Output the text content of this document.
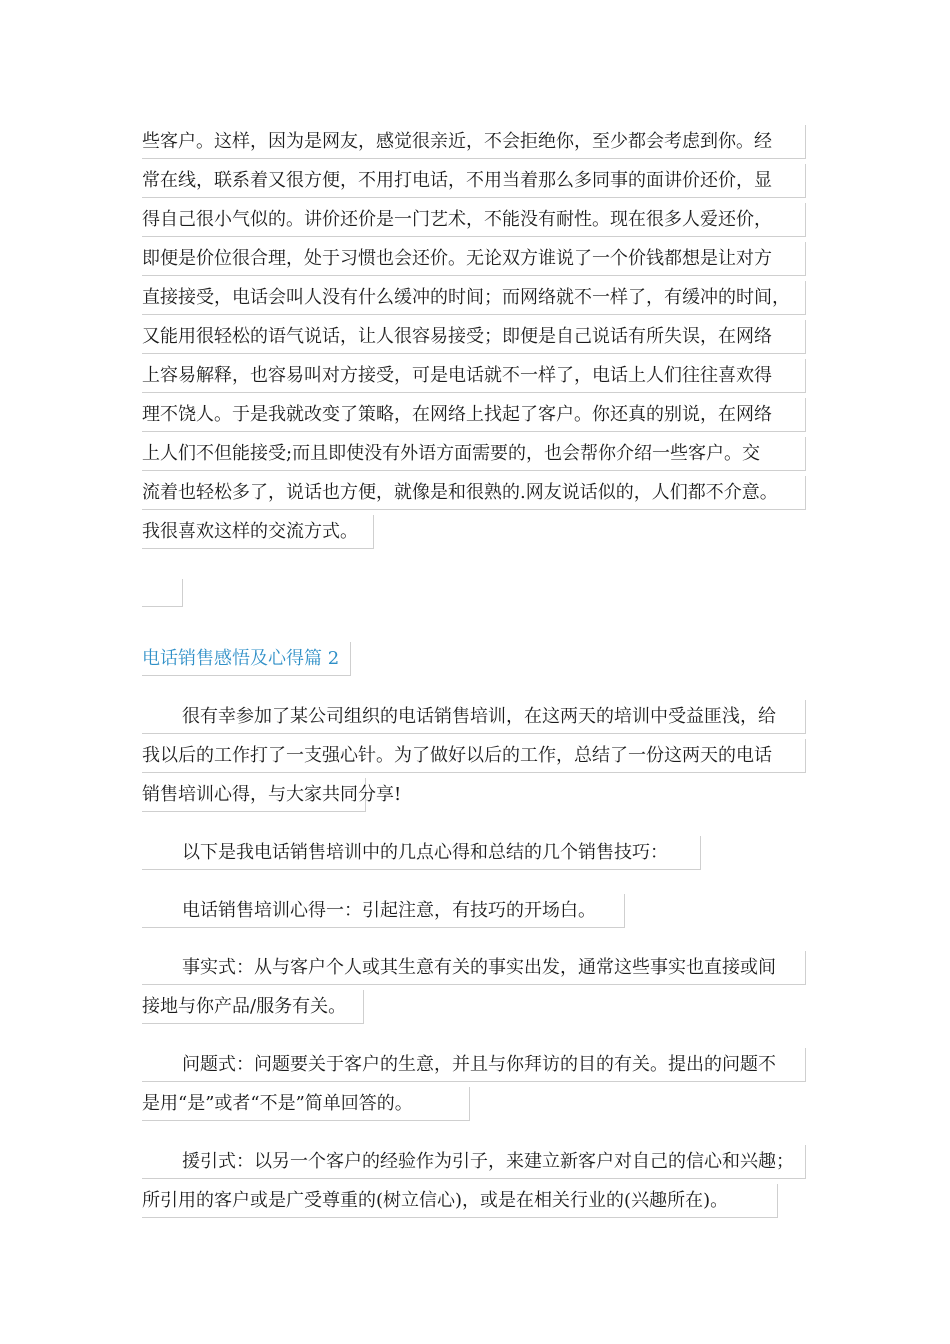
些客户。这样，因为是网友，感觉很亲近，不会拒绝你，至少都会考虑到你。经
常在线，联系着又很方便，不用打电话，不用当着那么多同事的面讲价还价，显
得自己很小气似的。讲价还价是一门艺术，不能没有耐性。现在很多人爱还价，
即便是价位很合理，处于习惯也会还价。无论双方谁说了一个价钱都想是让对方
直接接受，电话会叫人没有什么缓冲的时间；而网络就不一样了，有缓冲的时间，
又能用很轻松的语气说话，让人很容易接受；即便是自己说话有所失误，在网络
上容易解释，也容易叫对方接受，可是电话就不一样了，电话上人们往往喜欢得
理不饶人。于是我就改变了策略，在网络上找起了客户。你还真的别说，在网络
上人们不但能接受;而且即使没有外语方面需要的，也会帮你介绍一些客户。交
流着也轻松多了，说话也方便，就像是和很熟的.网友说话似的，人们都不介意。
我很喜欢这样的交流方式。
电话销售感悟及心得篇 2
很有幸参加了某公司组织的电话销售培训，在这两天的培训中受益匪浅，给
我以后的工作打了一支强心针。为了做好以后的工作，总结了一份这两天的电话
销售培训心得，与大家共同分享!
以下是我电话销售培训中的几点心得和总结的几个销售技巧：
电话销售培训心得一：引起注意，有技巧的开场白。
事实式：从与客户个人或其生意有关的事实出发，通常这些事实也直接或间
接地与你产品/服务有关。
问题式：问题要关于客户的生意，并且与你拜访的目的有关。提出的问题不
是用“是”或者“不是”简单回答的。
援引式：以另一个客户的经验作为引子，来建立新客户对自己的信心和兴趣；
所引用的客户或是广受尊重的(树立信心)，或是在相关行业的(兴趣所在)。
